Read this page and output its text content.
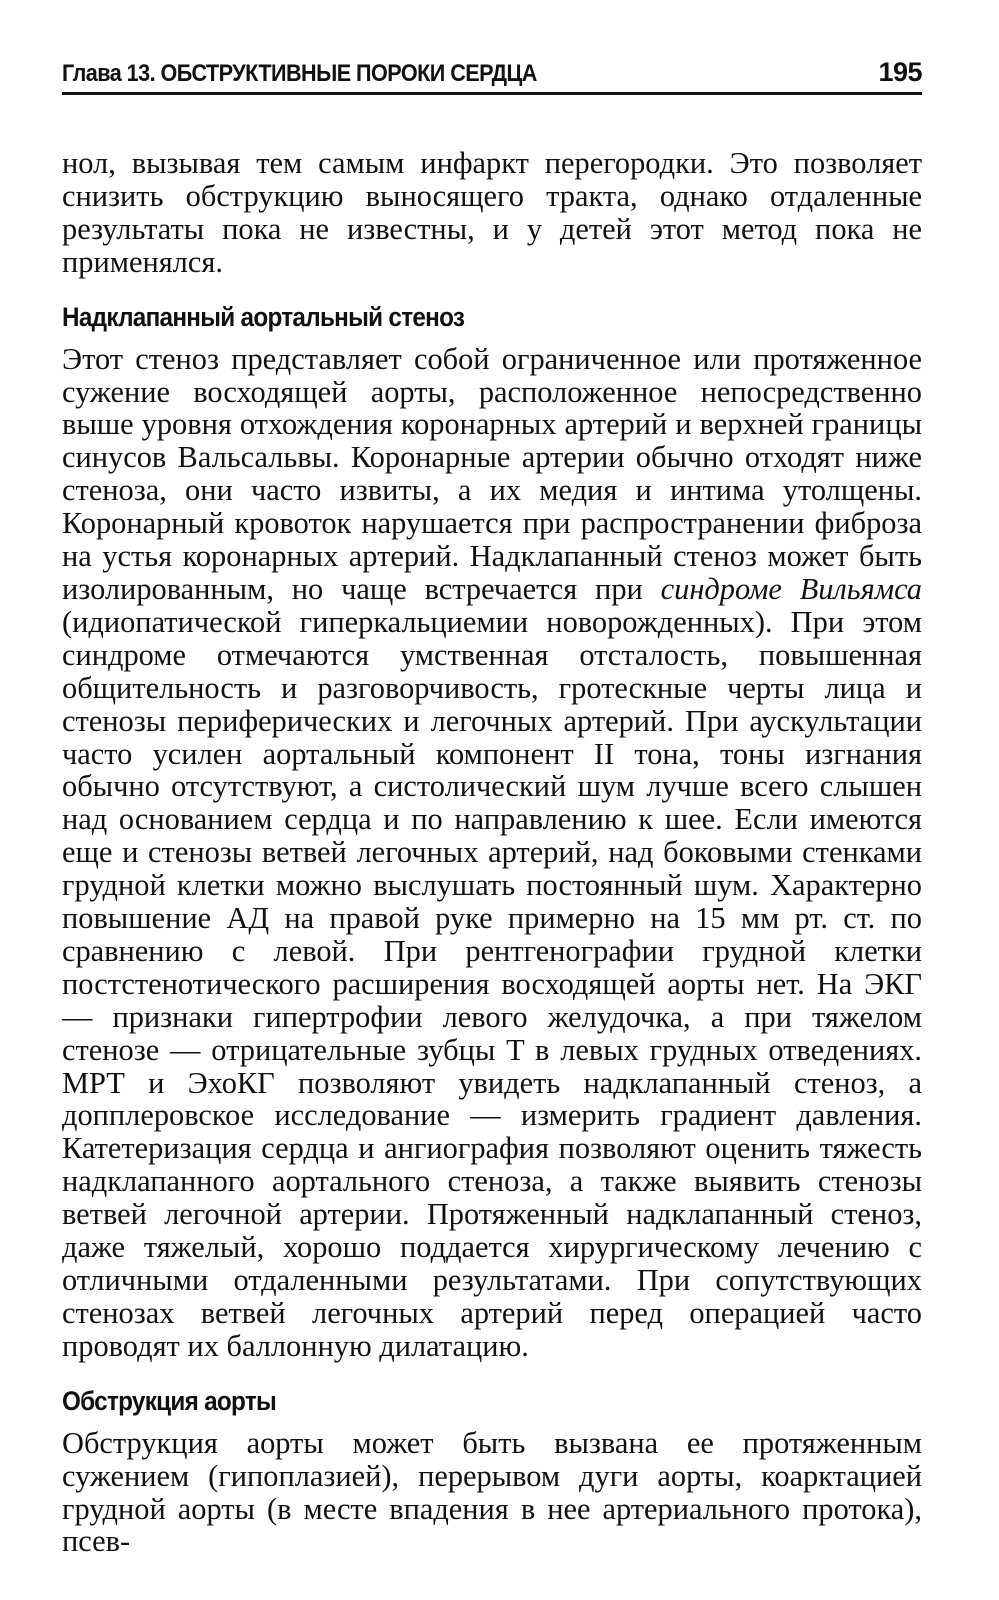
Глава 13. ОБСТРУКТИВНЫЕ ПОРОКИ СЕРДЦА	195

нол, вызывая тем самым инфаркт перегородки. Это позволяет снизить обструкцию выносящего тракта, однако отдаленные результаты пока не известны, и у детей этот метод пока не применялся.

Надклапанный аортальный стеноз

Этот стеноз представляет собой ограниченное или протяженное сужение восходящей аорты, расположенное непосредственно выше уровня отхождения коронарных артерий и верхней границы синусов Вальсальвы. Коронарные артерии обычно отходят ниже стеноза, они часто извиты, а их медия и интима утолщены. Коронарный кровоток нарушается при распространении фиброза на устья коронарных артерий. Надклапанный стеноз может быть изолированным, но чаще встречается при синдроме Вильямса (идиопатической гиперкальциемии новорожденных). При этом синдроме отмечаются умственная отсталость, повышенная общительность и разговорчивость, гротескные черты лица и стенозы периферических и легочных артерий. При аускультации часто усилен аортальный компонент II тона, тоны изгнания обычно отсутствуют, а систолический шум лучше всего слышен над основанием сердца и по направлению к шее. Если имеются еще и стенозы ветвей легочных артерий, над боковыми стенками грудной клетки можно выслушать постоянный шум. Характерно повышение АД на правой руке примерно на 15 мм рт. ст. по сравнению с левой. При рентгенографии грудной клетки постстенотического расширения восходящей аорты нет. На ЭКГ — признаки гипертрофии левого желудочка, а при тяжелом стенозе — отрицательные зубцы T в левых грудных отведениях. МРТ и ЭхоКГ позволяют увидеть надклапанный стеноз, а допплеровское исследование — измерить градиент давления. Катетеризация сердца и ангиография позволяют оценить тяжесть надклапанного аортального стеноза, а также выявить стенозы ветвей легочной артерии. Протяженный надклапанный стеноз, даже тяжелый, хорошо поддается хирургическому лечению с отличными отдаленными результатами. При сопутствующих стенозах ветвей легочных артерий перед операцией часто проводят их баллонную дилатацию.

Обструкция аорты

Обструкция аорты может быть вызвана ее протяженным сужением (гипоплазией), перерывом дуги аорты, коарктацией грудной аорты (в месте впадения в нее артериального протока), псев-
